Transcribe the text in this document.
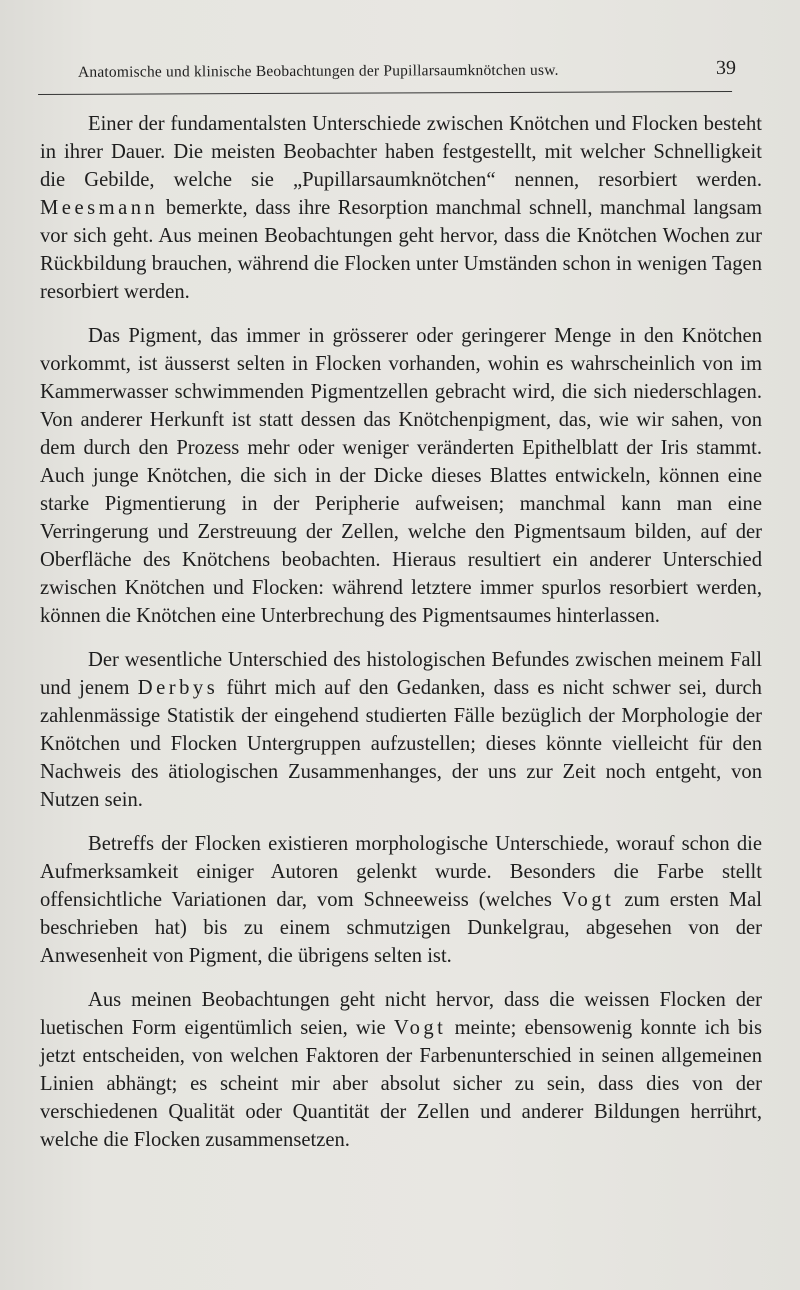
Anatomische und klinische Beobachtungen der Pupillarsaumknötchen usw.	39

Einer der fundamentalsten Unterschiede zwischen Knötchen und Flocken besteht in ihrer Dauer. Die meisten Beobachter haben festgestellt, mit welcher Schnelligkeit die Gebilde, welche sie „Pupillarsaumknötchen“ nennen, resorbiert werden. Meesmann bemerkte, dass ihre Resorption manchmal schnell, manchmal langsam vor sich geht. Aus meinen Beobachtungen geht hervor, dass die Knötchen Wochen zur Rückbildung brauchen, während die Flocken unter Umständen schon in wenigen Tagen resorbiert werden.

Das Pigment, das immer in grösserer oder geringerer Menge in den Knötchen vorkommt, ist äusserst selten in Flocken vorhanden, wohin es wahrscheinlich von im Kammerwasser schwimmenden Pigmentzellen gebracht wird, die sich niederschlagen. Von anderer Herkunft ist statt dessen das Knötchenpigment, das, wie wir sahen, von dem durch den Prozess mehr oder weniger veränderten Epithelblatt der Iris stammt. Auch junge Knötchen, die sich in der Dicke dieses Blattes entwickeln, können eine starke Pigmentierung in der Peripherie aufweisen; manchmal kann man eine Verringerung und Zerstreuung der Zellen, welche den Pigmentsaum bilden, auf der Oberfläche des Knötchens beobachten. Hieraus resultiert ein anderer Unterschied zwischen Knötchen und Flocken: während letztere immer spurlos resorbiert werden, können die Knötchen eine Unterbrechung des Pigmentsaumes hinterlassen.

Der wesentliche Unterschied des histologischen Befundes zwischen meinem Fall und jenem Derbys führt mich auf den Gedanken, dass es nicht schwer sei, durch zahlenmässige Statistik der eingehend studierten Fälle bezüglich der Morphologie der Knötchen und Flocken Untergruppen aufzustellen; dieses könnte vielleicht für den Nachweis des ätiologischen Zusammenhanges, der uns zur Zeit noch entgeht, von Nutzen sein.

Betreffs der Flocken existieren morphologische Unterschiede, worauf schon die Aufmerksamkeit einiger Autoren gelenkt wurde. Besonders die Farbe stellt offensichtliche Variationen dar, vom Schneeweiss (welches Vogt zum ersten Mal beschrieben hat) bis zu einem schmutzigen Dunkelgrau, abgesehen von der Anwesenheit von Pigment, die übrigens selten ist.

Aus meinen Beobachtungen geht nicht hervor, dass die weissen Flocken der luetischen Form eigentümlich seien, wie Vogt meinte; ebensowenig konnte ich bis jetzt entscheiden, von welchen Faktoren der Farbenunterschied in seinen allgemeinen Linien abhängt; es scheint mir aber absolut sicher zu sein, dass dies von der verschiedenen Qualität oder Quantität der Zellen und anderer Bildungen herrührt, welche die Flocken zusammensetzen.
